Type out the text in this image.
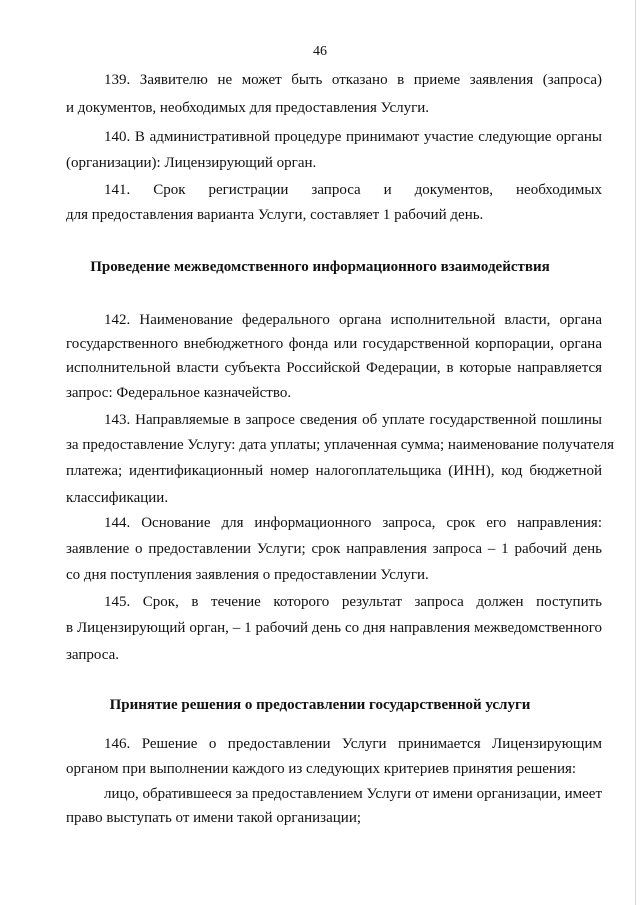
46
139. Заявителю не может быть отказано в приеме заявления (запроса)
и документов, необходимых для предоставления Услуги.
140. В административной процедуре принимают участие следующие органы
(организации): Лицензирующий орган.
141. Срок регистрации запроса и документов, необходимых
для предоставления варианта Услуги, составляет 1 рабочий день.
Проведение межведомственного информационного взаимодействия
142. Наименование федерального органа исполнительной власти, органа
государственного внебюджетного фонда или государственной корпорации, органа
исполнительной власти субъекта Российской Федерации, в которые направляется
запрос: Федеральное казначейство.
143. Направляемые в запросе сведения об уплате государственной пошлины
за предоставление Услугу: дата уплаты; уплаченная сумма; наименование получателя
платежа; идентификационный номер налогоплательщика (ИНН), код бюджетной
классификации.
144. Основание для информационного запроса, срок его направления:
заявление о предоставлении Услуги; срок направления запроса – 1 рабочий день
со дня поступления заявления о предоставлении Услуги.
145. Срок, в течение которого результат запроса должен поступить
в Лицензирующий орган, – 1 рабочий день со дня направления межведомственного
запроса.
Принятие решения о предоставлении государственной услуги
146. Решение о предоставлении Услуги принимается Лицензирующим
органом при выполнении каждого из следующих критериев принятия решения:
лицо, обратившееся за предоставлением Услуги от имени организации, имеет
право выступать от имени такой организации;
